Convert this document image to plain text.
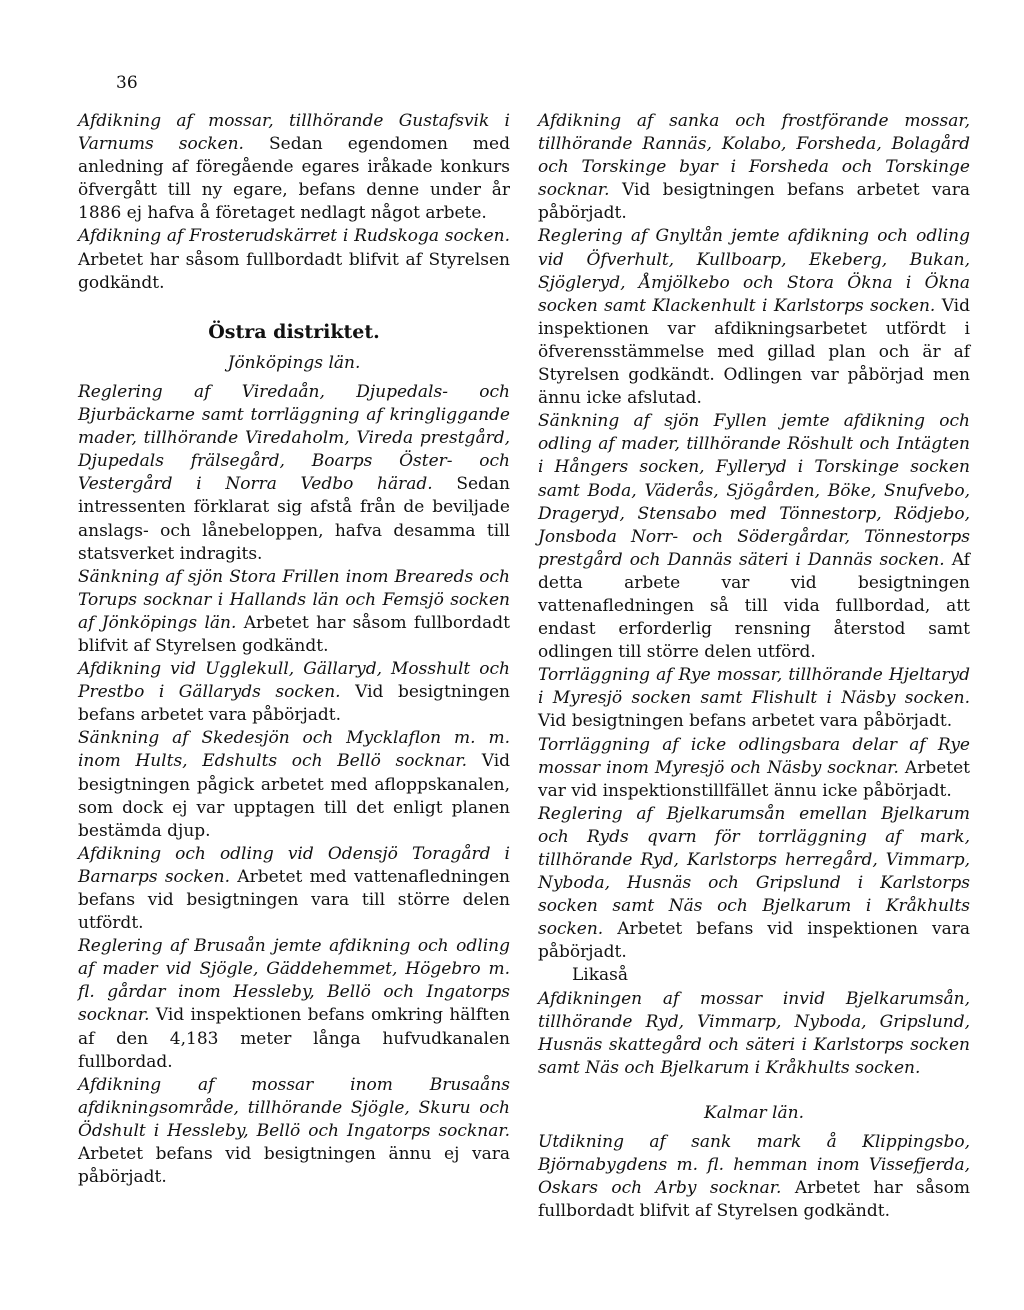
36

Afdikning af mossar, tillhörande Gustafsvik i Varnums socken. Sedan egendomen med anledning af föregående egares iråkade konkurs öfvergått till ny egare, befans denne under år 1886 ej hafva å företaget nedlagt något arbete.

Afdikning af Frosterudskärret i Rudskoga socken. Arbetet har såsom fullbordadt blifvit af Styrelsen godkändt.

Östra distriktet.
Jönköpings län.

Reglering af Viredaån, Djupedals- och Bjurbäckarne samt torrläggning af kringliggande mader, tillhörande Viredaholm, Vireda prestgård, Djupedals frälsegård, Boarps Öster- och Vestergård i Norra Vedbo härad. Sedan intressenten förklarat sig afstå från de beviljade anslags- och lånebeloppen, hafva desamma till statsverket indragits.

Sänkning af sjön Stora Frillen inom Breareds och Torups socknar i Hallands län och Femsjö socken af Jönköpings län. Arbetet har såsom fullbordadt blifvit af Styrelsen godkändt.

Afdikning vid Ugglekull, Gällaryd, Mosshult och Prestbo i Gällaryds socken. Vid besigtningen befans arbetet vara påbörjadt.

Sänkning af Skedesjön och Mycklaflon m. m. inom Hults, Edshults och Bellö socknar. Vid besigtningen pågick arbetet med afloppskanalen, som dock ej var upptagen till det enligt planen bestämda djup.

Afdikning och odling vid Odensjö Toragård i Barnarps socken. Arbetet med vattenafledningen befans vid besigtningen vara till större delen utfördt.

Reglering af Brusaån jemte afdikning och odling af mader vid Sjögle, Gäddehemmet, Högebro m. fl. gårdar inom Hessleby, Bellö och Ingatorps socknar. Vid inspektionen befans omkring hälften af den 4,183 meter långa hufvudkanalen fullbordad.

Afdikning af mossar inom Brusaåns afdikningsområde, tillhörande Sjögle, Skuru och Ödshult i Hessleby, Bellö och Ingatorps socknar. Arbetet befans vid besigtningen ännu ej vara påbörjadt.

Afdikning af sanka och frostförande mossar, tillhörande Rannäs, Kolabo, Forsheda, Bolagård och Torskinge byar i Forsheda och Torskinge socknar. Vid besigtningen befans arbetet vara påbörjadt.

Reglering af Gnyltån jemte afdikning och odling vid Öfverhult, Kullboarp, Ekeberg, Bukan, Sjögleryd, Åmjölkebo och Stora Ökna i Ökna socken samt Klackenhult i Karlstorps socken. Vid inspektionen var afdikningsarbetet utfördt i öfverensstämmelse med gillad plan och är af Styrelsen godkändt. Odlingen var påbörjad men ännu icke afslutad.

Sänkning af sjön Fyllen jemte afdikning och odling af mader, tillhörande Röshult och Intägten i Hångers socken, Fylleryd i Torskinge socken samt Boda, Väderås, Sjögården, Böke, Snufvebo, Drageryd, Stensabo med Tönnestorp, Rödjebo, Jonsboda Norr- och Södergårdar, Tönnestorps prestgård och Dannäs säteri i Dannäs socken. Af detta arbete var vid besigtningen vattenafledningen så till vida fullbordad, att endast erforderlig rensning återstod samt odlingen till större delen utförd.

Torrläggning af Rye mossar, tillhörande Hjeltaryd i Myresjö socken samt Flishult i Näsby socken. Vid besigtningen befans arbetet vara påbörjadt.

Torrläggning af icke odlingsbara delar af Rye mossar inom Myresjö och Näsby socknar. Arbetet var vid inspektionstillfället ännu icke påbörjadt.

Reglering af Bjelkarumsån emellan Bjelkarum och Ryds qvarn för torrläggning af mark, tillhörande Ryd, Karlstorps herregård, Vimmarp, Nyboda, Husnäs och Gripslund i Karlstorps socken samt Näs och Bjelkarum i Kråkhults socken. Arbetet befans vid inspektionen vara påbörjadt.

Likaså

Afdikningen af mossar invid Bjelkarumsån, tillhörande Ryd, Vimmarp, Nyboda, Gripslund, Husnäs skattegård och säteri i Karlstorps socken samt Näs och Bjelkarum i Kråkhults socken.

Kalmar län.

Utdikning af sank mark å Klippingsbo, Björnabygdens m. fl. hemman inom Vissefjerda, Oskars och Arby socknar. Arbetet har såsom fullbordadt blifvit af Styrelsen godkändt.
